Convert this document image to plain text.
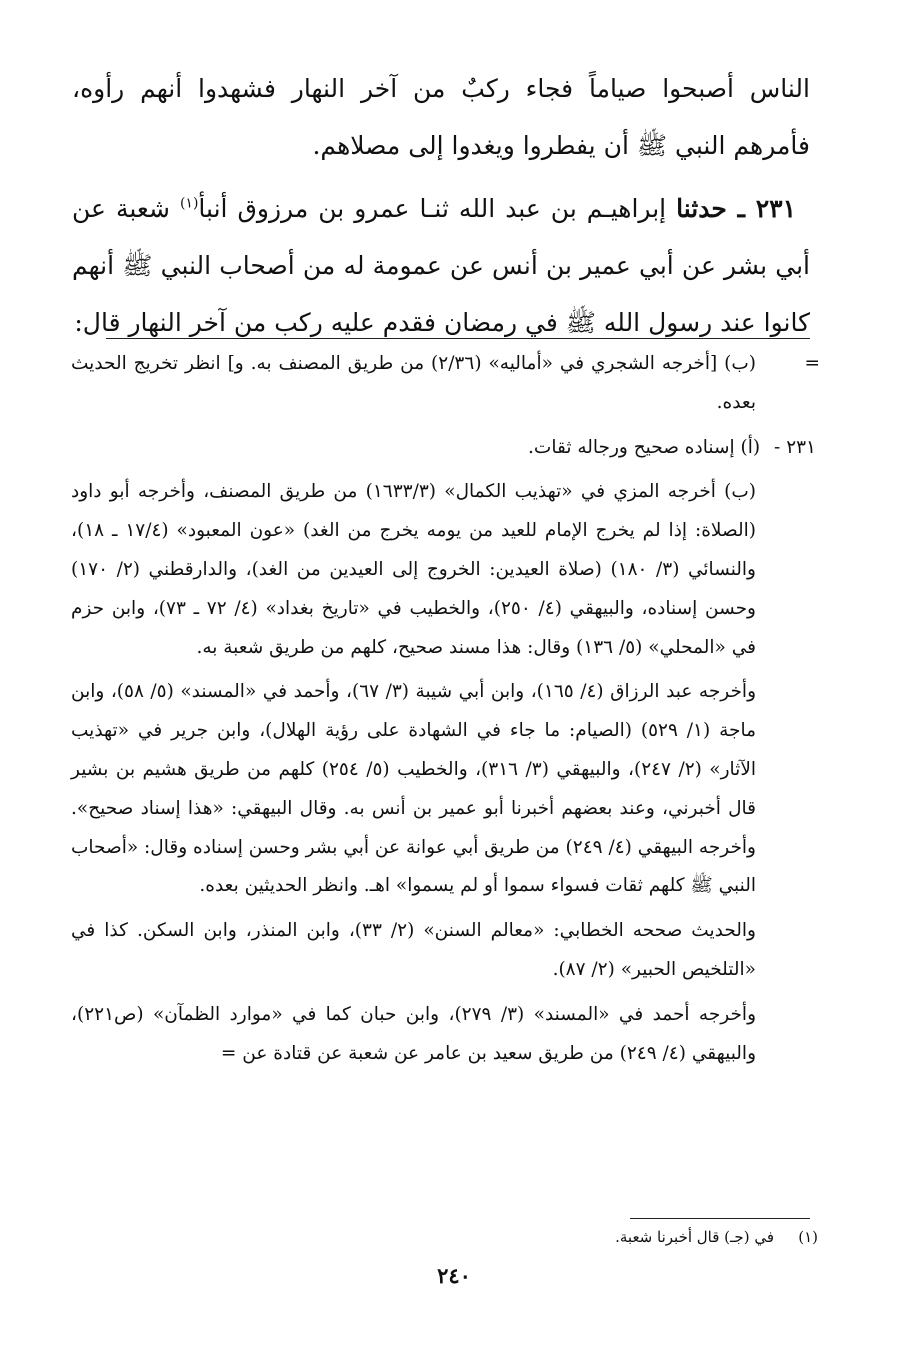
الناس أصبحوا صياماً فجاء ركبٌ من آخر النهار فشهدوا أنهم رأوه، فأمرهم النبي ﷺ أن يفطروا ويغدوا إلى مصلاهم.

٢٣١ ـ حدثنا إبراهيـم بن عبد الله ثنـا عمرو بن مرزوق أنبأ$^{(١)}$ شعبة عن أبي بشر عن أبي عمير بن أنس عن عمومة له من أصحاب النبي ﷺ أنهم كانوا عند رسول الله ﷺ في رمضان فقدم عليه ركب من آخر النهار قال:

=
(ب) [أخرجه الشجري في «أماليه» (٢/٣٦) من طريق المصنف به. و] انظر تخريج الحديث بعده.

٢٣١ -(أ) إسناده صحيح ورجاله ثقات.

(ب) أخرجه المزي في «تهذيب الكمال» (١٦٣٣/٣) من طريق المصنف، وأخرجه أبو داود (الصلاة: إذا لم يخرج الإمام للعيد من يومه يخرج من الغد) «عون المعبود» (١٧/٤ ـ ١٨)، والنسائي (٣/ ١٨٠) (صلاة العيدين: الخروج إلى العيدين من الغد)، والدارقطني (٢/ ١٧٠) وحسن إسناده، والبيهقي (٤/ ٢٥٠)، والخطيب في «تاريخ بغداد» (٤/ ٧٢ ـ ٧٣)، وابن حزم في «المحلي» (٥/ ١٣٦) وقال: هذا مسند صحيح، كلهم من طريق شعبة به.

وأخرجه عبد الرزاق (٤/ ١٦٥)، وابن أبي شيبة (٣/ ٦٧)، وأحمد في «المسند» (٥/ ٥٨)، وابن ماجة (١/ ٥٢٩) (الصيام: ما جاء في الشهادة على رؤية الهلال)، وابن جرير في «تهذيب الآثار» (٢/ ٢٤٧)، والبيهقي (٣/ ٣١٦)، والخطيب (٥/ ٢٥٤) كلهم من طريق هشيم بن بشير قال أخبرني، وعند بعضهم أخبرنا أبو عمير بن أنس به. وقال البيهقي: «هذا إسناد صحيح». وأخرجه البيهقي (٤/ ٢٤٩) من طريق أبي عوانة عن أبي بشر وحسن إسناده وقال: «أصحاب النبي ﷺ كلهم ثقات فسواء سموا أو لم يسموا» اهـ. وانظر الحديثين بعده.

والحديث صححه الخطابي: «معالم السنن» (٢/ ٣٣)، وابن المنذر، وابن السكن. كذا في «التلخيص الحبير» (٢/ ٨٧).

وأخرجه أحمد في «المسند» (٣/ ٢٧٩)، وابن حبان كما في «موارد الظمآن» (ص٢٢١)، والبيهقي (٤/ ٢٤٩) من طريق سعيد بن عامر عن شعبة عن قتادة عن =

(١)في (جـ) قال أخبرنا شعبة.
٢٤٠
